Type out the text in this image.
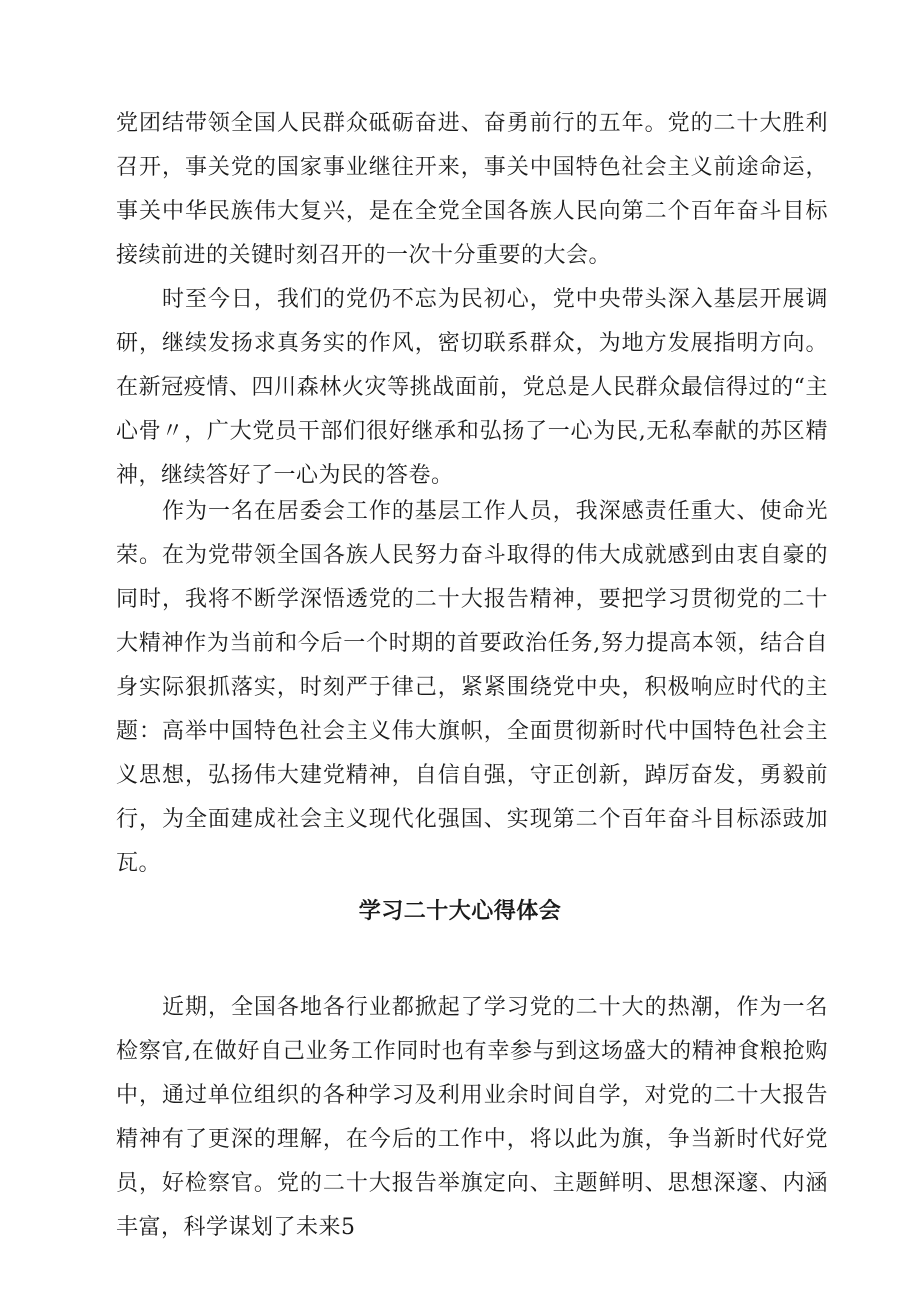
党团结带领全国人民群众砥砺奋进、奋勇前行的五年。党的二十大胜利召开，事关党的国家事业继往开来，事关中国特色社会主义前途命运，事关中华民族伟大复兴，是在全党全国各族人民向第二个百年奋斗目标接续前进的关键时刻召开的一次十分重要的大会。

时至今日，我们的党仍不忘为民初心，党中央带头深入基层开展调研，继续发扬求真务实的作风，密切联系群众，为地方发展指明方向。在新冠疫情、四川森林火灾等挑战面前，党总是人民群众最信得过的“主心骨〃，广大党员干部们很好继承和弘扬了一心为民,无私奉献的苏区精神，继续答好了一心为民的答卷。

作为一名在居委会工作的基层工作人员，我深感责任重大、使命光荣。在为党带领全国各族人民努力奋斗取得的伟大成就感到由衷自豪的同时，我将不断学深悟透党的二十大报告精神，要把学习贯彻党的二十大精神作为当前和今后一个时期的首要政治任务,努力提高本领，结合自身实际狠抓落实，时刻严于律己，紧紧围绕党中央，积极响应时代的主题：高举中国特色社会主义伟大旗帜，全面贯彻新时代中国特色社会主义思想，弘扬伟大建党精神，自信自强，守正创新，踔厉奋发，勇毅前行，为全面建成社会主义现代化强国、实现第二个百年奋斗目标添豉加瓦。

学习二十大心得体会

近期，全国各地各行业都掀起了学习党的二十大的热潮，作为一名检察官,在做好自己业务工作同时也有幸参与到这场盛大的精神食粮抢购中，通过单位组织的各种学习及利用业余时间自学，对党的二十大报告精神有了更深的理解，在今后的工作中，将以此为旗，争当新时代好党员，好检察官。党的二十大报告举旗定向、主题鲜明、思想深邃、内涵丰富，科学谋划了未来5
